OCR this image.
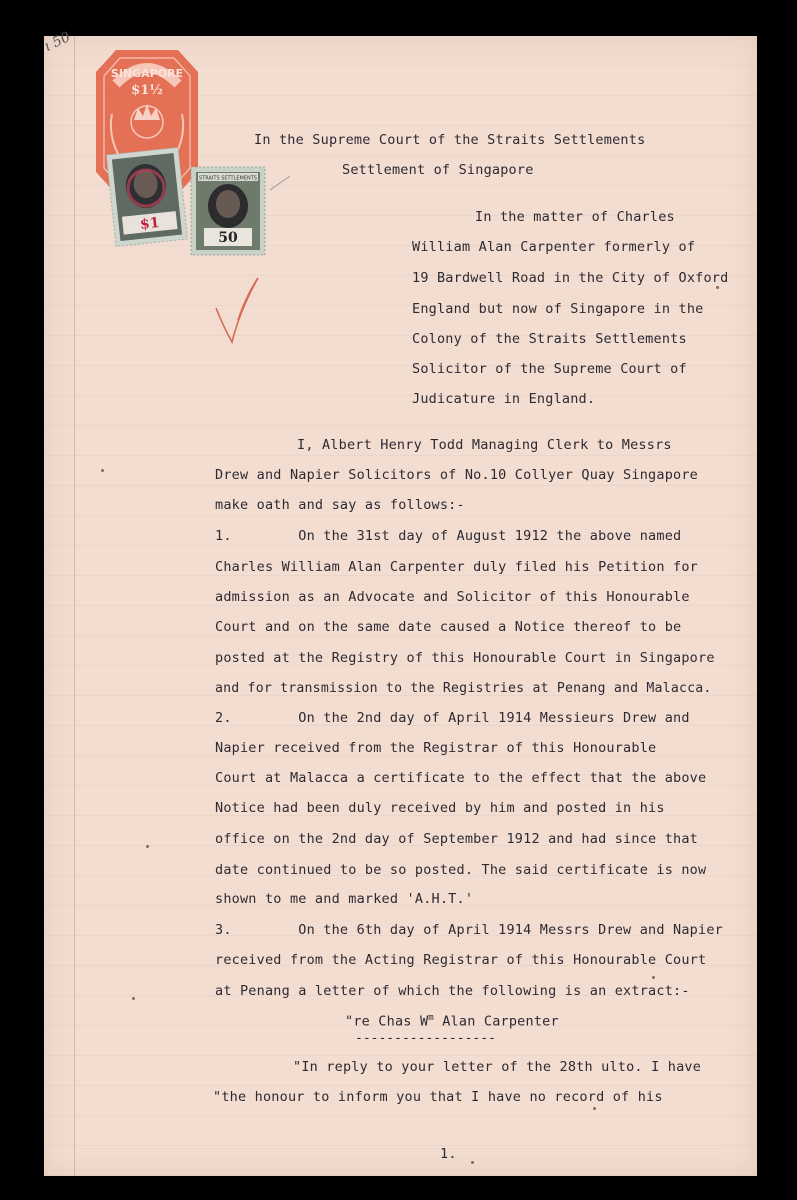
ı 50
SINGAPORE
$1½
$1
STRAITS SETTLEMENTS
50
In the Supreme Court of the Straits Settlements
Settlement of Singapore
In the matter of Charles
William Alan Carpenter formerly of
19 Bardwell Road in the City of Oxford
England but now of Singapore in the
Colony of the Straits Settlements
Solicitor of the Supreme Court of
Judicature in England.
I, Albert Henry Todd Managing Clerk to Messrs
Drew and Napier Solicitors of No.10 Collyer Quay Singapore
make oath and say as follows:-
1.        On the 31st day of August 1912 the above named
Charles William Alan Carpenter duly filed his Petition for
admission as an Advocate and Solicitor of this Honourable
Court and on the same date caused a Notice thereof to be
posted at the Registry of this Honourable Court in Singapore
and for transmission to the Registries at Penang and Malacca.
2.        On the 2nd day of April 1914 Messieurs Drew and
Napier received from the Registrar of this Honourable
Court at Malacca a certificate to the effect that the above
Notice had been duly received by him and posted in his
office on the 2nd day of September 1912 and had since that
date continued to be so posted. The said certificate is now
shown to me and marked 'A.H.T.'
3.        On the 6th day of April 1914 Messrs Drew and Napier
received from the Acting Registrar of this Honourable Court
at Penang a letter of which the following is an extract:-
"re Chas $W^m$ Alan Carpenter
------------------
"In reply to your letter of the 28th ulto. I have
"the honour to inform you that I have no record of his
1.
